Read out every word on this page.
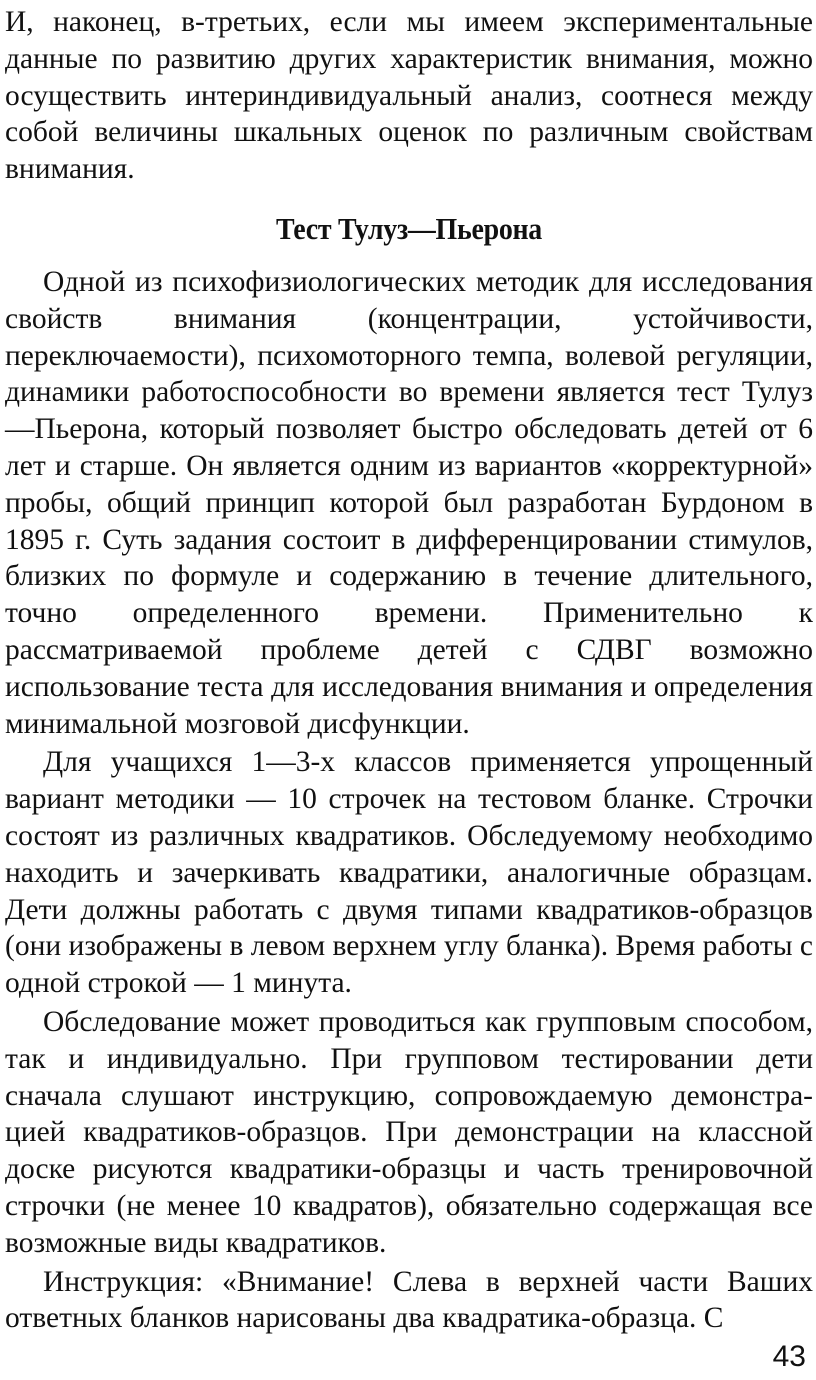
И, наконец, в-третьих, если мы имеем экспериментальные данные по развитию других характеристик внимания, можно осуществить интериндивидуальный анализ, соотнеся между собой величины шкальных оценок по различным свойствам внимания.

Тест Тулуз—Пьерона

Одной из психофизиологических методик для исследования свойств внимания (концентрации, устойчивости, переключаемости), психомоторного темпа, волевой регуляции, динамики работоспособности во времени является тест Тулуз—Пьерона, который позволяет быстро обследовать детей от 6 лет и старше. Он является одним из вариантов «корректурной» пробы, общий принцип которой был разработан Бурдоном в 1895 г. Суть задания состоит в дифференцировании стимулов, близких по формуле и содержанию в течение длительного, точно определенного времени. Применительно к рассматриваемой проблеме детей с СДВГ возможно использование теста для исследования внимания и определения минимальной мозговой дисфункции.

Для учащихся 1—3-х классов применяется упрощенный вариант методики — 10 строчек на тестовом бланке. Строчки состоят из различных квадратиков. Обследуемому необходимо находить и зачеркивать квадратики, аналогичные образцам. Дети должны работать с двумя типами квадратиков-образцов (они изображены в левом верхнем углу бланка). Время работы с одной строкой — 1 минута.

Обследование может проводиться как групповым способом, так и индивидуально. При групповом тестировании дети сначала слушают инструкцию, сопровождаемую демонстрацией квадратиков-образцов. При демонстрации на классной доске рисуются квадратики-образцы и часть тренировочной строчки (не менее 10 квадратов), обязательно содержащая все возможные виды квадратиков.

Инструкция: «Внимание! Слева в верхней части Ваших ответных бланков нарисованы два квадратика-образца. С

43
